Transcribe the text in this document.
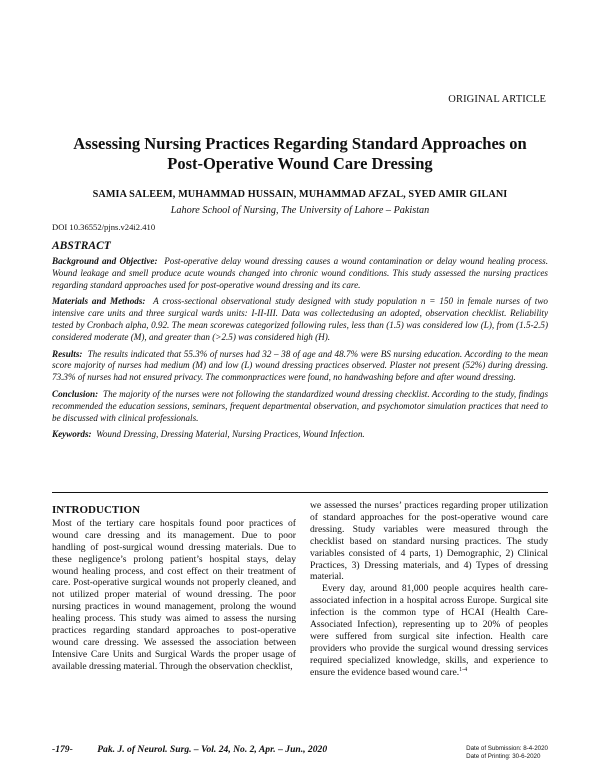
ORIGINAL ARTICLE
Assessing Nursing Practices Regarding Standard Approaches on
Post-Operative Wound Care Dressing
SAMIA SALEEM, MUHAMMAD HUSSAIN, MUHAMMAD AFZAL, SYED AMIR GILANI
Lahore School of Nursing, The University of Lahore – Pakistan
DOI 10.36552/pjns.v24i2.410
ABSTRACT

Background and Objective: Post-operative delay wound dressing causes a wound contamination or delay wound healing process. Wound leakage and smell produce acute wounds changed into chronic wound conditions. This study assessed the nursing practices regarding standard approaches used for post-operative wound dressing and its care.

Materials and Methods: A cross-sectional observational study designed with study population n = 150 in female nurses of two intensive care units and three surgical wards units: I-II-III. Data was collectedusing an adopted, observation checklist. Reliability tested by Cronbach alpha, 0.92. The mean scorewas categorized following rules, less than (1.5) was considered low (L), from (1.5-2.5) considered moderate (M), and greater than (>2.5) was considered high (H).

Results: The results indicated that 55.3% of nurses had 32 – 38 of age and 48.7% were BS nursing education. According to the mean score majority of nurses had medium (M) and low (L) wound dressing practices observed. Plaster not present (52%) during dressing. 73.3% of nurses had not ensured privacy. The commonpractices were found, no handwashing before and after wound dressing.

Conclusion: The majority of the nurses were not following the standardized wound dressing checklist. According to the study, findings recommended the education sessions, seminars, frequent departmental observation, and psychomotor simulation practices that need to be discussed with clinical professionals.

Keywords: Wound Dressing, Dressing Material, Nursing Practices, Wound Infection.

INTRODUCTION

Most of the tertiary care hospitals found poor practices of wound care dressing and its management. Due to poor handling of post-surgical wound dressing materials. Due to these negligence’s prolong patient’s hospital stays, delay wound healing process, and cost effect on their treatment of care. Post-operative surgical wounds not properly cleaned, and not utilized proper material of wound dressing. The poor nursing practices in wound management, prolong the wound healing process. This study was aimed to assess the nursing practices regarding standard approaches to post-operative wound care dressing. We assessed the association between Intensive Care Units and Surgical Wards the proper usage of available dressing material. Through the observation checklist,

we assessed the nurses’ practices regarding proper utilization of standard approaches for the post-operative wound care dressing. Study variables were measured through the checklist based on standard nursing practices. The study variables consisted of 4 parts, 1) Demographic, 2) Clinical Practices, 3) Dressing materials, and 4) Types of dressing material.

Every day, around 81,000 people acquires health care-associated infection in a hospital across Europe. Surgical site infection is the common type of HCAI (Health Care-Associated Infection), representing up to 20% of peoples were suffered from surgical site infection. Health care providers who provide the surgical wound dressing services required specialized knowledge, skills, and experience to ensure the evidence based wound care.$^{1-4}$

-179-	Pak. J. of Neurol. Surg. – Vol. 24, No. 2, Apr. – Jun., 2020	Date of Submission: 8-4-2020
Date of Printing: 30-6-2020
